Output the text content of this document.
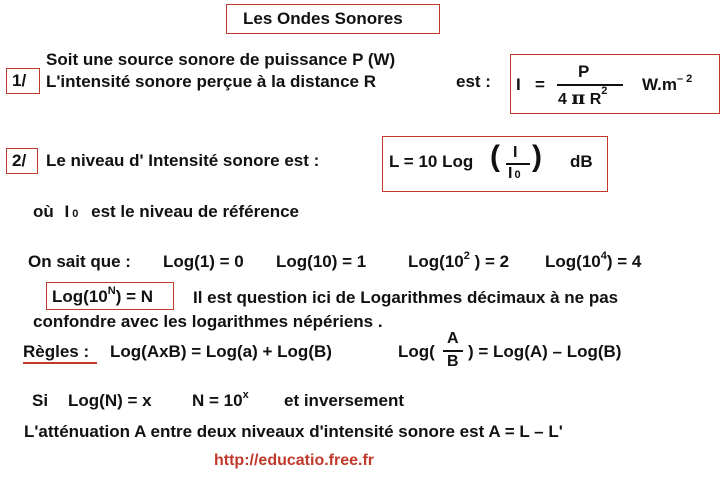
Les Ondes Sonores
1/
Soit une source sonore de puissance P (W)
L'intensité sonore perçue à la distance R	est : I =
P
4 π $R^2$ $W.m^{- 2}$
2/ Le niveau d' Intensité sonore est :	L = 10 Log ( I
I 0
) dB
où I 0 est le niveau de référence
On sait que : Log(1) = 0 Log(10) = 1 $Log(10^2$ ) = 2 $Log(10^4) = 4$
$Log(10^N) = N$ Il est question ici de Logarithmes décimaux à ne pas
confondre avec les logarithmes népériens .
Règles : Log(AxB) = Log(a) + Log(B)	Log(
A
B
) = Log(A) – Log(B)
Si Log(N) = x $N = 10^x$ et inversement
L'atténuation A entre deux niveaux d'intensité sonore est A = L – L'
http://educatio.free.fr
